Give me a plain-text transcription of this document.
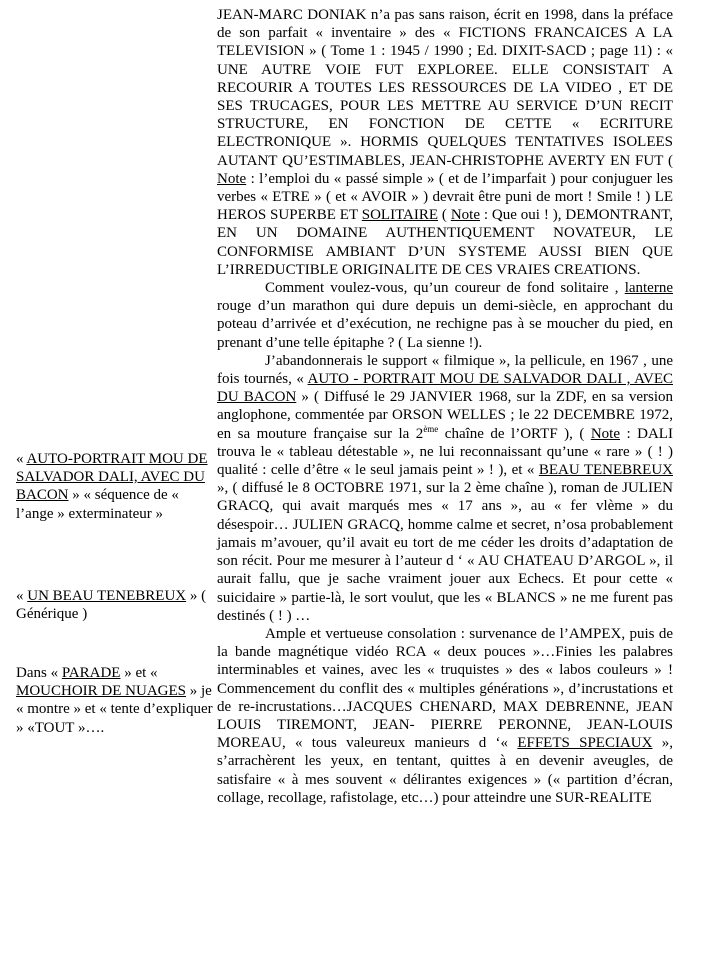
JEAN-MARC DONIAK n’a pas sans raison, écrit en 1998, dans la préface de son parfait « inventaire » des « FICTIONS FRANCAICES A LA TELEVISION » ( Tome 1 : 1945 / 1990 ; Ed. DIXIT-SACD ; page 11) : « UNE AUTRE VOIE FUT EXPLOREE. ELLE CONSISTAIT A RECOURIR A TOUTES LES RESSOURCES DE LA VIDEO , ET DE SES TRUCAGES, POUR LES METTRE AU SERVICE D’UN RECIT STRUCTURE, EN FONCTION DE CETTE « ECRITURE ELECTRONIQUE ». HORMIS QUELQUES TENTATIVES ISOLEES AUTANT QU’ESTIMABLES, JEAN-CHRISTOPHE AVERTY EN FUT ( Note : l’emploi du « passé simple » ( et de l’imparfait ) pour conjuguer les verbes « ETRE » ( et « AVOIR » ) devrait être puni de mort ! Smile ! ) LE HEROS SUPERBE ET SOLITAIRE ( Note : Que oui ! ), DEMONTRANT, EN UN DOMAINE AUTHENTIQUEMENT NOVATEUR, LE CONFORMISE AMBIANT D’UN SYSTEME AUSSI BIEN QUE L’IRREDUCTIBLE ORIGINALITE DE CES VRAIES CREATIONS.

Comment voulez-vous, qu’un coureur de fond solitaire , lanterne rouge d’un marathon qui dure depuis un demi-siècle, en approchant du poteau d’arrivée et d’exécution, ne rechigne pas à se moucher du pied, en prenant d’une telle épitaphe ? ( La sienne !).

J’abandonnerais le support « filmique », la pellicule, en 1967 , une fois tournés, « AUTO - PORTRAIT MOU DE SALVADOR DALI , AVEC DU BACON » ( Diffusé le 29 JANVIER 1968, sur la ZDF, en sa version anglophone, commentée par ORSON WELLES ; le 22 DECEMBRE 1972, en sa mouture française sur la 2ème chaîne de l’ORTF ), ( Note : DALI trouva le « tableau détestable », ne lui reconnaissant qu’une « rare » ( ! ) qualité : celle d’être « le seul jamais peint » ! ), et « BEAU TENEBREUX », ( diffusé le 8 OCTOBRE 1971, sur la 2 ème chaîne ), roman de JULIEN GRACQ, qui avait marqués mes « 17 ans », au « fer vlème » du désespoir… JULIEN GRACQ, homme calme et secret, n’osa probablement jamais m’avouer, qu’il avait eu tort de me céder les droits d’adaptation de son récit. Pour me mesurer à l’auteur d ‘ « AU CHATEAU D’ARGOL », il aurait fallu, que je sache vraiment jouer aux Echecs. Et pour cette « suicidaire » partie-là, le sort voulut, que les « BLANCS » ne me furent pas destinés ( ! ) …

Ample et vertueuse consolation : survenance de l’AMPEX, puis de la bande magnétique vidéo RCA « deux pouces »…Finies les palabres interminables et vaines, avec les « truquistes » des « labos couleurs » ! Commencement du conflit des « multiples générations », d’incrustations et de re-incrustations…JACQUES CHENARD, MAX DEBRENNE, JEAN LOUIS TIREMONT, JEAN- PIERRE PERONNE, JEAN-LOUIS MOREAU, « tous valeureux manieurs d ‘« EFFETS SPECIAUX », s’arrachèrent les yeux, en tentant, quittes à en devenir aveugles, de satisfaire « à mes souvent « délirantes exigences » (« partition d’écran, collage, recollage, rafistolage, etc…) pour atteindre une SUR-REALITE

« AUTO-PORTRAIT MOU DE SALVADOR DALI, AVEC DU BACON » « séquence de « l’ange » exterminateur »

« UN BEAU TENEBREUX » ( Générique )

Dans « PARADE » et « MOUCHOIR DE NUAGES » je « montre » et « tente d’expliquer » «TOUT »….
